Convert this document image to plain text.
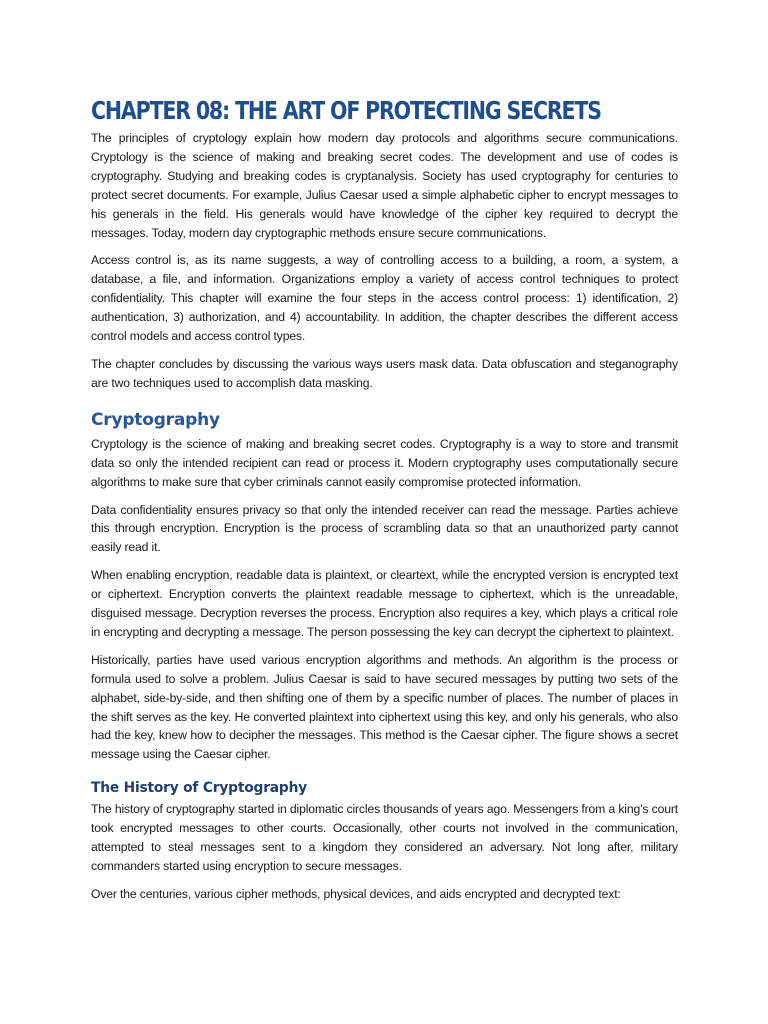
CHAPTER 08: THE ART OF PROTECTING SECRETS

The principles of cryptology explain how modern day protocols and algorithms secure communications. Cryptology is the science of making and breaking secret codes. The development and use of codes is cryptography. Studying and breaking codes is cryptanalysis. Society has used cryptography for centuries to protect secret documents. For example, Julius Caesar used a simple alphabetic cipher to encrypt messages to his generals in the field. His generals would have knowledge of the cipher key required to decrypt the messages. Today, modern day cryptographic methods ensure secure communications.

Access control is, as its name suggests, a way of controlling access to a building, a room, a system, a database, a file, and information. Organizations employ a variety of access control techniques to protect confidentiality. This chapter will examine the four steps in the access control process: 1) identification, 2) authentication, 3) authorization, and 4) accountability. In addition, the chapter describes the different access control models and access control types.

The chapter concludes by discussing the various ways users mask data. Data obfuscation and steganography are two techniques used to accomplish data masking.

Cryptography

Cryptology is the science of making and breaking secret codes. Cryptography is a way to store and transmit data so only the intended recipient can read or process it. Modern cryptography uses computationally secure algorithms to make sure that cyber criminals cannot easily compromise protected information.

Data confidentiality ensures privacy so that only the intended receiver can read the message. Parties achieve this through encryption. Encryption is the process of scrambling data so that an unauthorized party cannot easily read it.

When enabling encryption, readable data is plaintext, or cleartext, while the encrypted version is encrypted text or ciphertext. Encryption converts the plaintext readable message to ciphertext, which is the unreadable, disguised message. Decryption reverses the process. Encryption also requires a key, which plays a critical role in encrypting and decrypting a message. The person possessing the key can decrypt the ciphertext to plaintext.

Historically, parties have used various encryption algorithms and methods. An algorithm is the process or formula used to solve a problem. Julius Caesar is said to have secured messages by putting two sets of the alphabet, side-by-side, and then shifting one of them by a specific number of places. The number of places in the shift serves as the key. He converted plaintext into ciphertext using this key, and only his generals, who also had the key, knew how to decipher the messages. This method is the Caesar cipher. The figure shows a secret message using the Caesar cipher.

The History of Cryptography

The history of cryptography started in diplomatic circles thousands of years ago. Messengers from a king’s court took encrypted messages to other courts. Occasionally, other courts not involved in the communication, attempted to steal messages sent to a kingdom they considered an adversary. Not long after, military commanders started using encryption to secure messages.

Over the centuries, various cipher methods, physical devices, and aids encrypted and decrypted text:
